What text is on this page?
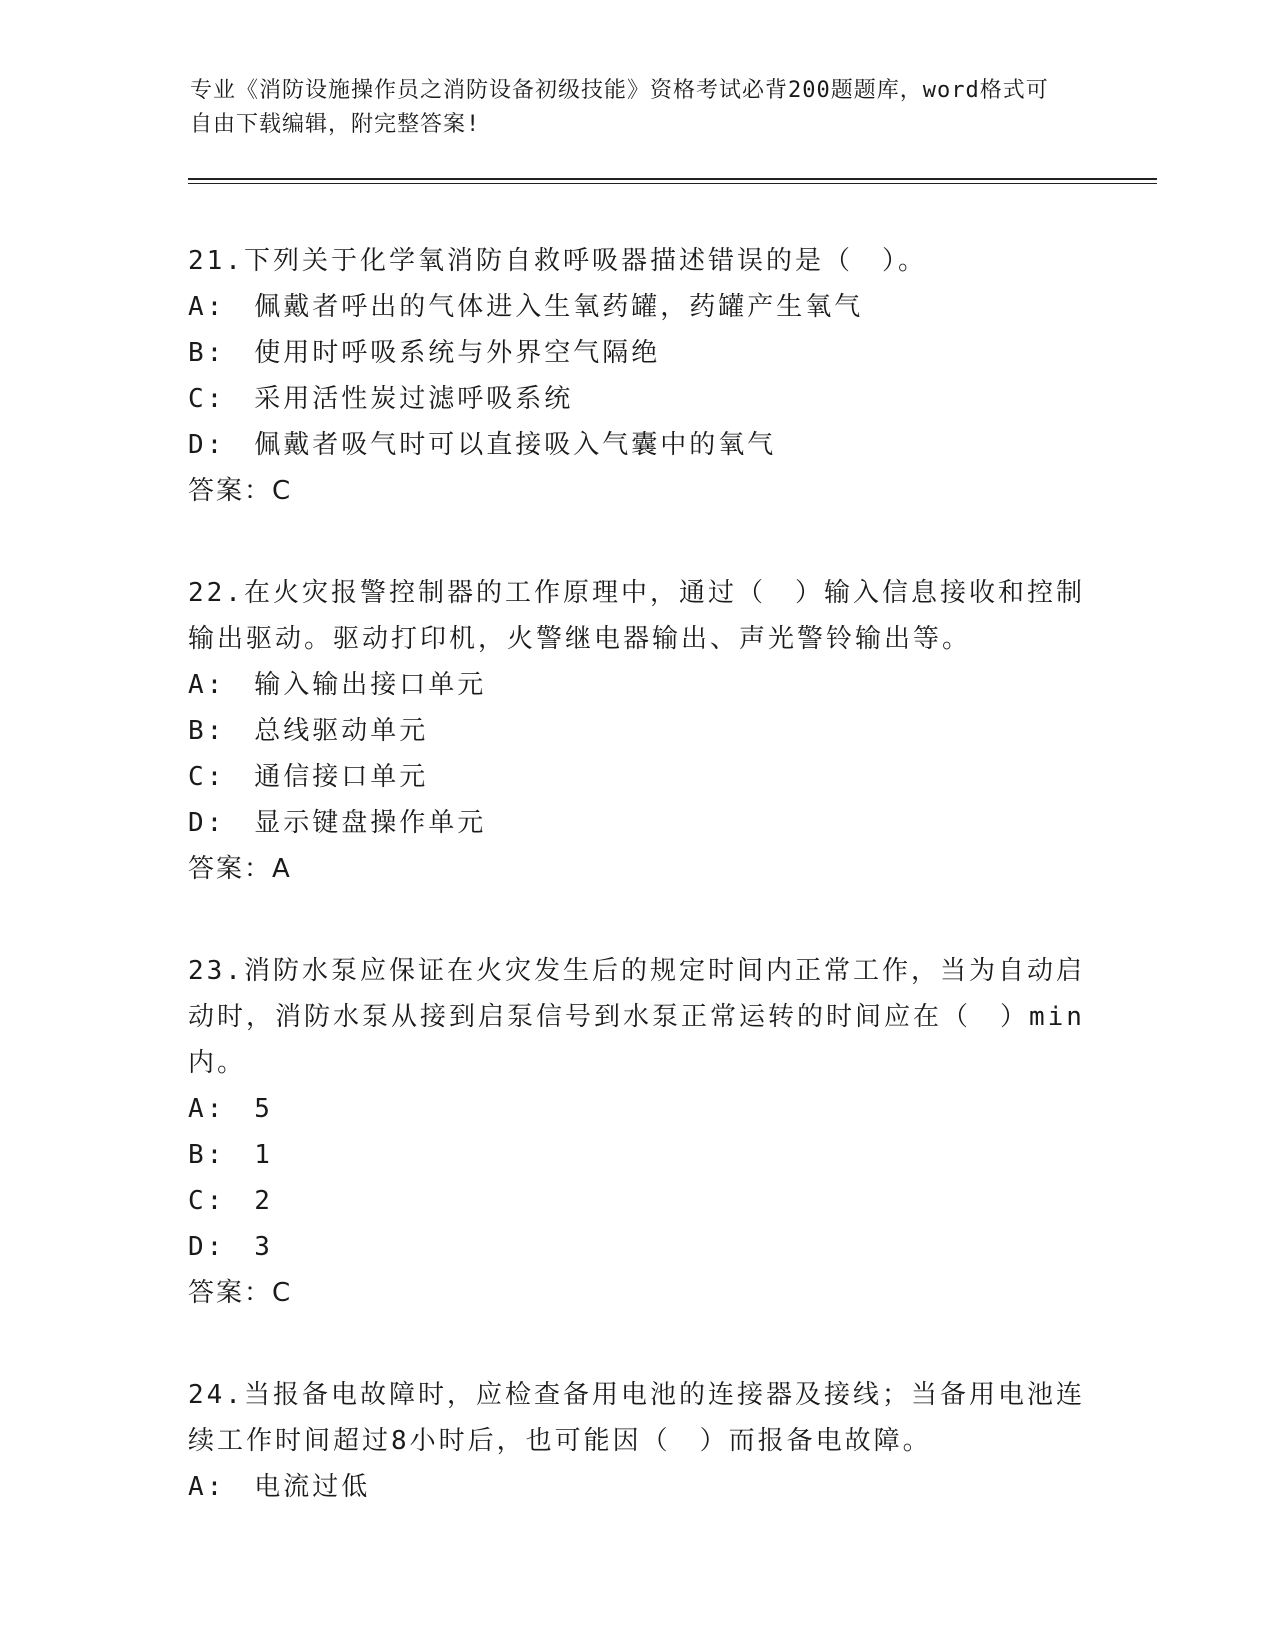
专业《消防设施操作员之消防设备初级技能》资格考试必背200题题库，word格式可自由下载编辑，附完整答案!

21.下列关于化学氧消防自救呼吸器描述错误的是（　）。

A:　佩戴者呼出的气体进入生氧药罐，药罐产生氧气

B:　使用时呼吸系统与外界空气隔绝

C:　采用活性炭过滤呼吸系统

D:　佩戴者吸气时可以直接吸入气囊中的氧气

答案：C

22.在火灾报警控制器的工作原理中，通过（　）输入信息接收和控制输出驱动。驱动打印机，火警继电器输出、声光警铃输出等。

A:　输入输出接口单元

B:　总线驱动单元

C:　通信接口单元

D:　显示键盘操作单元

答案：A

23.消防水泵应保证在火灾发生后的规定时间内正常工作，当为自动启动时，消防水泵从接到启泵信号到水泵正常运转的时间应在（　）min内。

A:　5

B:　1

C:　2

D:　3

答案：C

24.当报备电故障时，应检查备用电池的连接器及接线；当备用电池连续工作时间超过8小时后，也可能因（　）而报备电故障。

A:　电流过低
